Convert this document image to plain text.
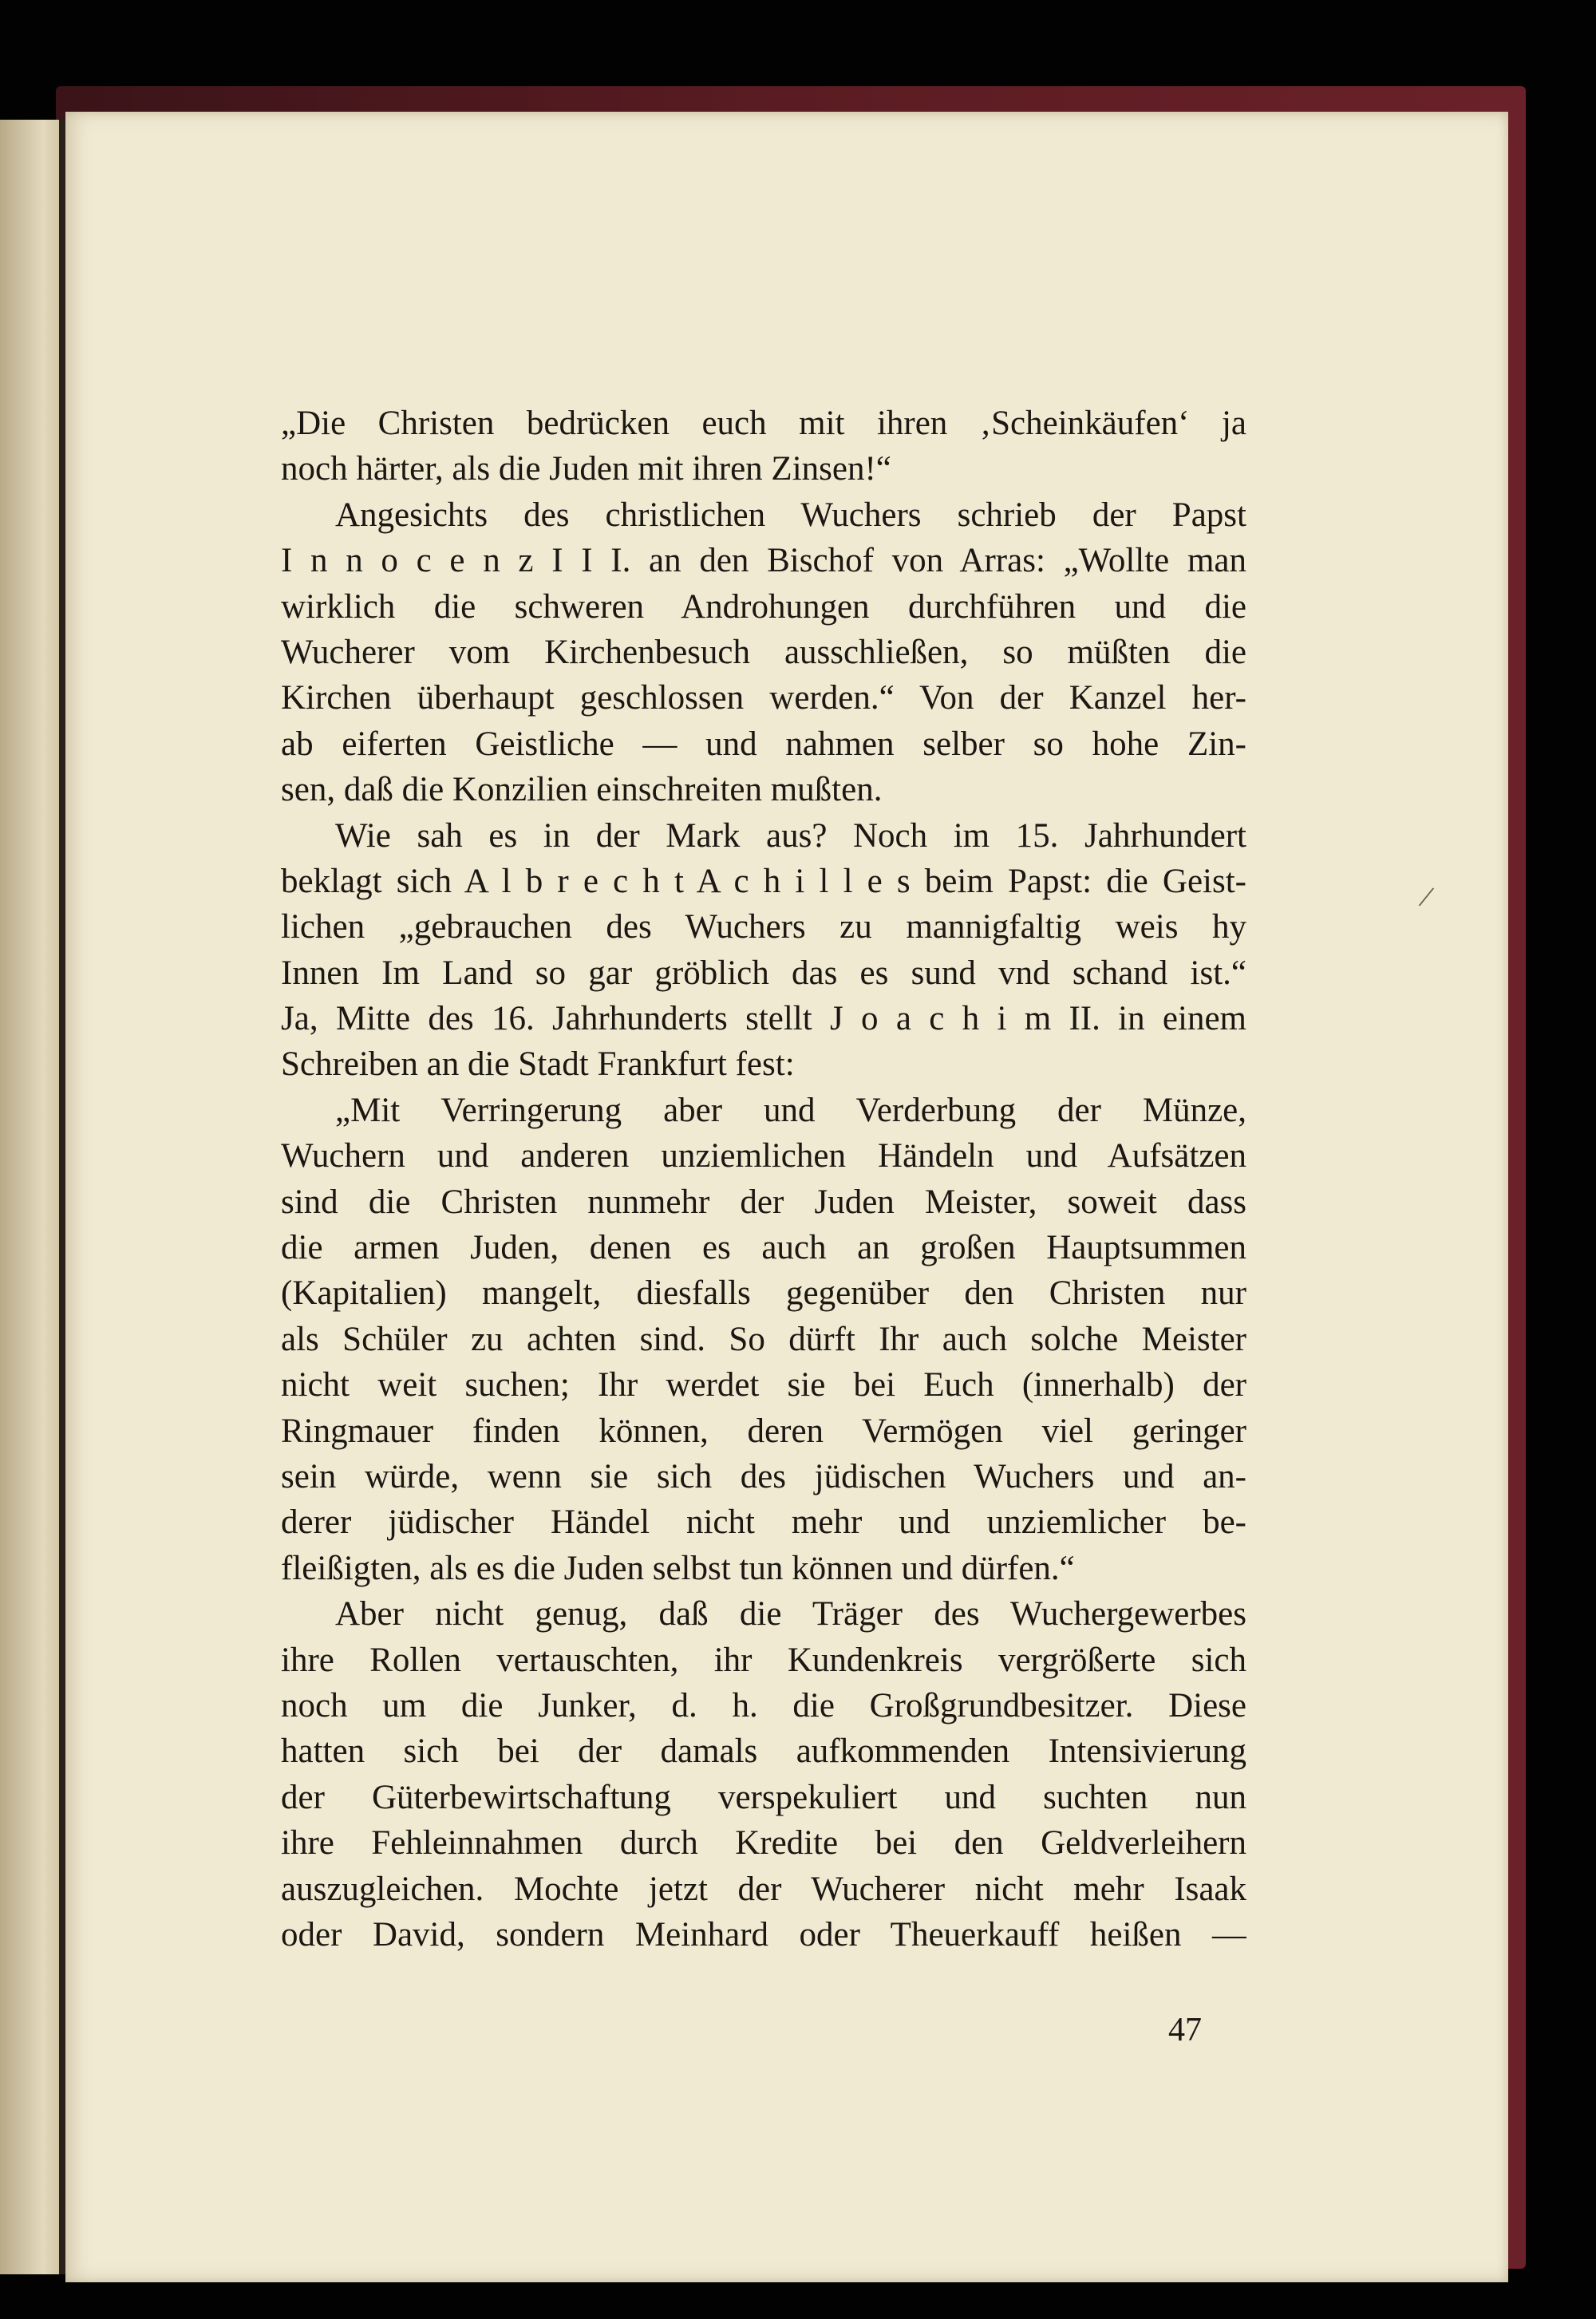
„Die Christen bedrücken euch mit ihren ‚Scheinkäufen‘ ja
noch härter, als die Juden mit ihren Zinsen!“
Angesichts des christlichen Wuchers schrieb der Papst
I n n o c e n z I I I. an den Bischof von Arras: „Wollte man
wirklich die schweren Androhungen durchführen und die
Wucherer vom Kirchenbesuch ausschließen, so müßten die
Kirchen überhaupt geschlossen werden.“ Von der Kanzel her-
ab eiferten Geistliche — und nahmen selber so hohe Zin-
sen, daß die Konzilien einschreiten mußten.
Wie sah es in der Mark aus? Noch im 15. Jahrhundert
beklagt sich A l b r e c h t A c h i l l e s beim Papst: die Geist-
lichen „gebrauchen des Wuchers zu mannigfaltig weis hy
Innen Im Land so gar gröblich das es sund vnd schand ist.“
Ja, Mitte des 16. Jahrhunderts stellt J o a c h i m II. in einem
Schreiben an die Stadt Frankfurt fest:
„Mit Verringerung aber und Verderbung der Münze,
Wuchern und anderen unziemlichen Händeln und Aufsätzen
sind die Christen nunmehr der Juden Meister, soweit dass
die armen Juden, denen es auch an großen Hauptsummen
(Kapitalien) mangelt, diesfalls gegenüber den Christen nur
als Schüler zu achten sind. So dürft Ihr auch solche Meister
nicht weit suchen; Ihr werdet sie bei Euch (innerhalb) der
Ringmauer finden können, deren Vermögen viel geringer
sein würde, wenn sie sich des jüdischen Wuchers und an-
derer jüdischer Händel nicht mehr und unziemlicher be-
fleißigten, als es die Juden selbst tun können und dürfen.“
Aber nicht genug, daß die Träger des Wuchergewerbes
ihre Rollen vertauschten, ihr Kundenkreis vergrößerte sich
noch um die Junker, d. h. die Großgrundbesitzer. Diese
hatten sich bei der damals aufkommenden Intensivierung
der Güterbewirtschaftung verspekuliert und suchten nun
ihre Fehleinnahmen durch Kredite bei den Geldverleihern
auszugleichen. Mochte jetzt der Wucherer nicht mehr Isaak
oder David, sondern Meinhard oder Theuerkauff heißen —
47
/
